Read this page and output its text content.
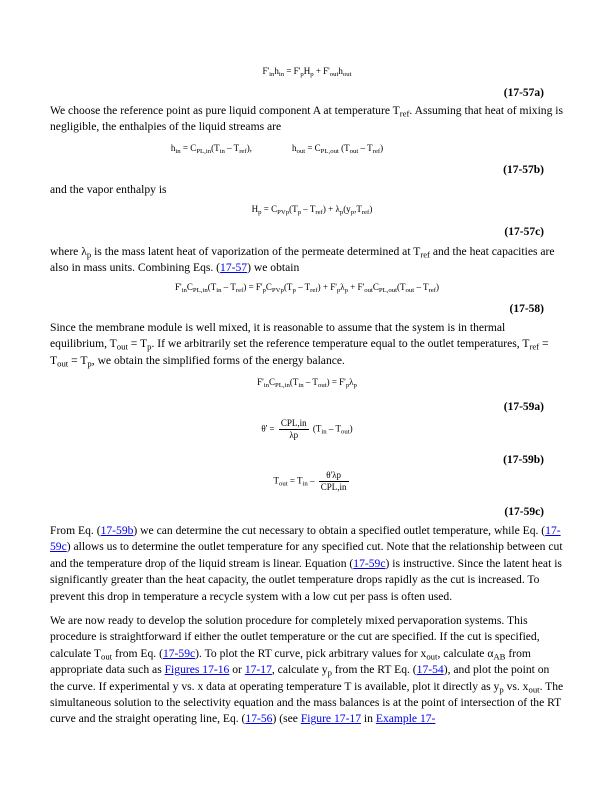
$F'_{in}h_{in} = F'_pH_p + F'_{out}h_{out}$
(17-57a)
We choose the reference point as pure liquid component A at temperature $T_{ref}$. Assuming that heat of mixing is negligible, the enthalpies of the liquid streams are
$h_{in} = C_{PL,in}(T_{in} - T_{ref})$,	$h_{out} = C_{PL,out}$ $(T_{out} - T_{ref})$
(17-57b)
and the vapor enthalpy is
$H_p = C_{PVp}(T_p - T_{ref}) + \lambda_p(y_p,T_{ref})$
(17-57c)
where $\lambda_p$ is the mass latent heat of vaporization of the permeate determined at $T_{ref}$ and the heat capacities are also in mass units. Combining Eqs. (17-57) we obtain
$F'_{in}C_{PL,in}(T_{in} - T_{ref}) = F'_pC_{PVp}(T_p - T_{ref}) + F'_p\lambda_p + F'_{out}C_{PL,out}(T_{out} - T_{ref})$
(17-58)
Since the membrane module is well mixed, it is reasonable to assume that the system is in thermal equilibrium, $T_{out} = T_p$. If we arbitrarily set the reference temperature equal to the outlet temperatures, $T_{ref} = T_{out} = T_p$, we obtain the simplified forms of the energy balance.
$F'_{in}C_{PL,in}(T_{in} - T_{out}) = F'_p\lambda_p$
(17-59a)
$\theta' = \frac{\text{CPL,in}}{\lambda p} (T_{in} - T_{out})$
(17-59b)
$T_{out} = T_{in} - \frac{\theta'\lambda p}{\text{CPL,in}}$
(17-59c)
From Eq. (17-59b) we can determine the cut necessary to obtain a specified outlet temperature, while Eq. (17-59c) allows us to determine the outlet temperature for any specified cut. Note that the relationship between cut and the temperature drop of the liquid stream is linear. Equation (17-59c) is instructive. Since the latent heat is significantly greater than the heat capacity, the outlet temperature drops rapidly as the cut is increased. To prevent this drop in temperature a recycle system with a low cut per pass is often used.
We are now ready to develop the solution procedure for completely mixed pervaporation systems. This procedure is straightforward if either the outlet temperature or the cut are specified. If the cut is specified, calculate $T_{out}$ from Eq. (17-59c). To plot the RT curve, pick arbitrary values for $x_{out}$, calculate $\alpha_{AB}$ from appropriate data such as Figures 17-16 or 17-17, calculate $y_p$ from the RT Eq. (17-54), and plot the point on the curve. If experimental y vs. x data at operating temperature T is available, plot it directly as $y_p$ vs. $x_{out}$. The simultaneous solution to the selectivity equation and the mass balances is at the point of intersection of the RT curve and the straight operating line, Eq. (17-56) (see Figure 17-17 in Example 17-
